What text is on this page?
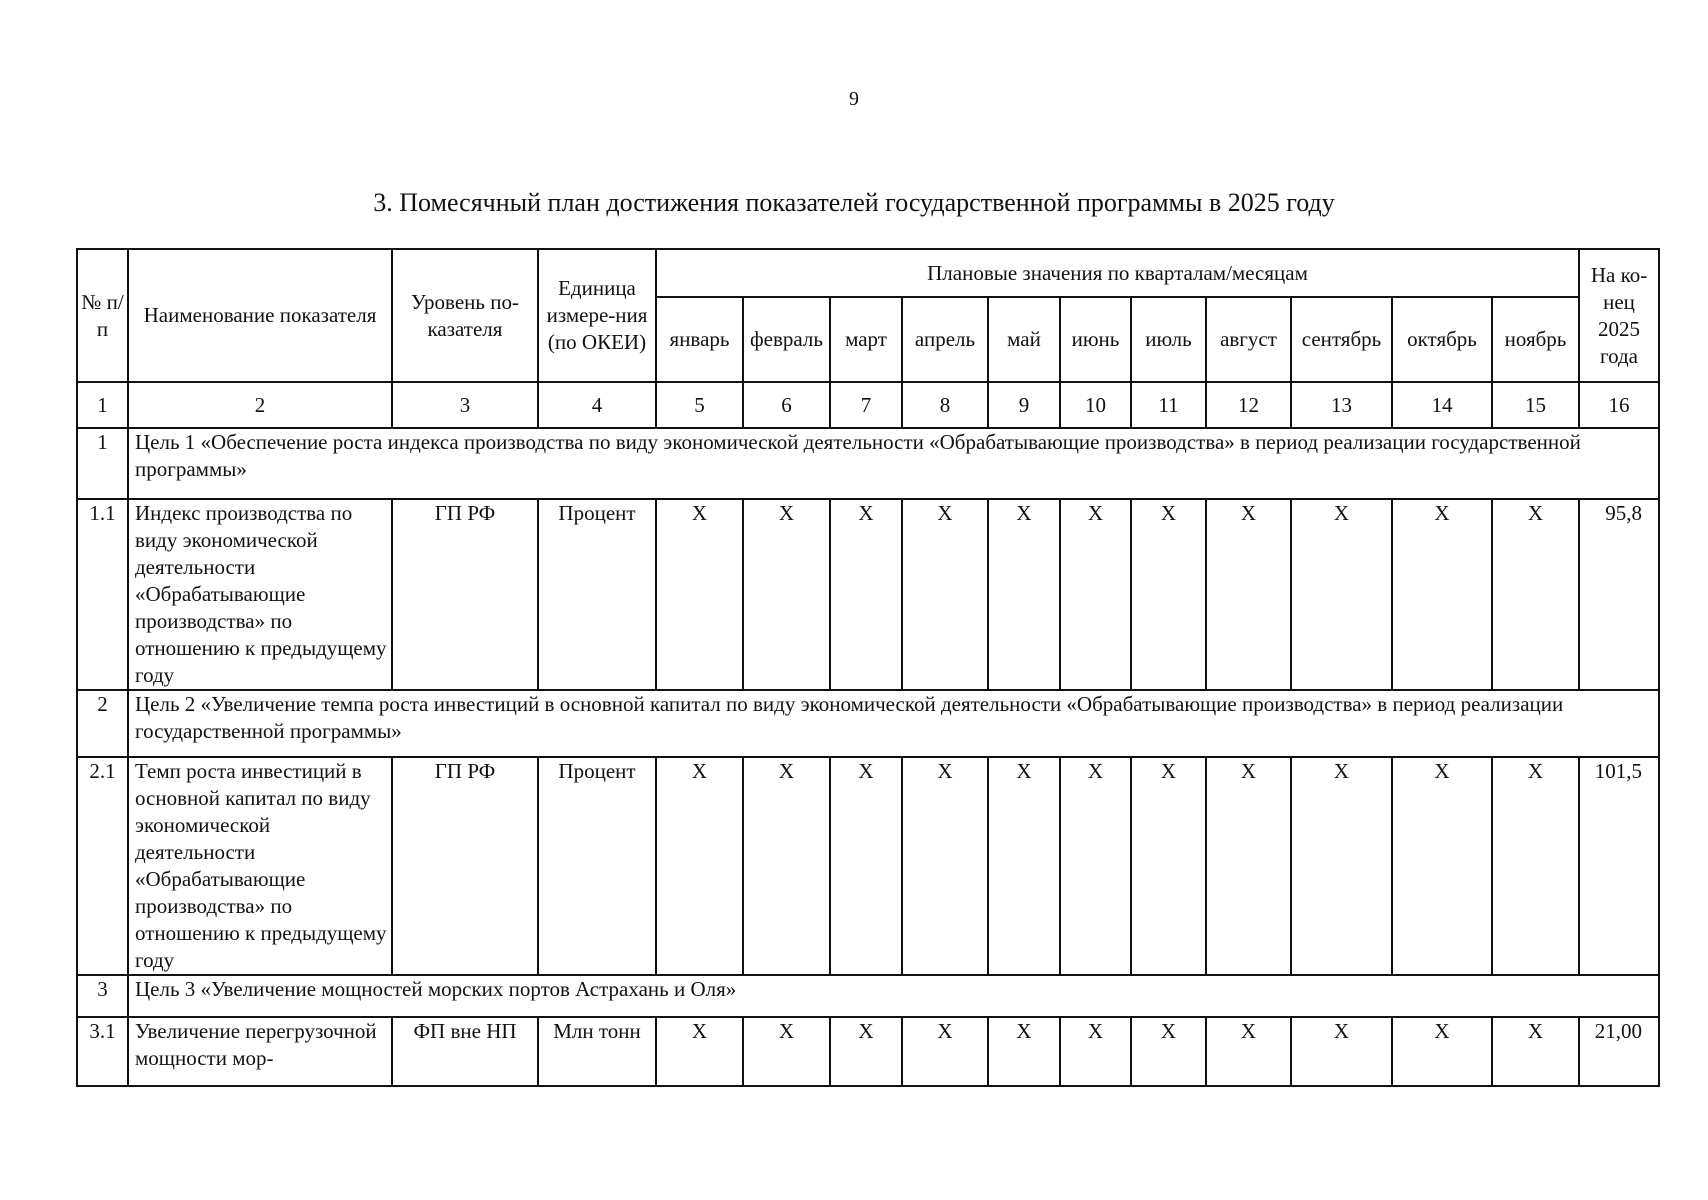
9
3. Помесячный план достижения показателей государственной программы в 2025 году
№ п/п	Наименование показателя	Уровень по-казателя	Единица измере-ния (по ОКЕИ)	Плановые значения по кварталам/месяцам											На ко-нец 2025 года
				январь	февраль	март	апрель	май	июнь	июль	август	сентябрь	октябрь	ноябрь	
1	2	3	4	5	6	7	8	9	10	11	12	13	14	15	16
1	Цель 1 «Обеспечение роста индекса производства по виду экономической деятельности «Обрабатывающие производства» в период реализации государственной программы»														
1.1	Индекс производства по виду экономической деятельности «Обрабатывающие производства» по отношению к предыдущему году	ГП РФ	Процент	X	X	X	X	X	X	X	X	X	X	X	95,8
2	Цель 2 «Увеличение темпа роста инвестиций в основной капитал по виду экономической деятельности «Обрабатывающие производства» в период реализации государственной программы»														
2.1	Темп роста инвестиций в основной капитал по виду экономической деятельности «Обрабатывающие производства» по отношению к предыдущему году	ГП РФ	Процент	X	X	X	X	X	X	X	X	X	X	X	101,5
3	Цель 3 «Увеличение мощностей морских портов Астрахань и Оля»														
3.1	Увеличение перегрузочной мощности мор-	ФП вне НП	Млн тонн	X	X	X	X	X	X	X	X	X	X	X	21,00
